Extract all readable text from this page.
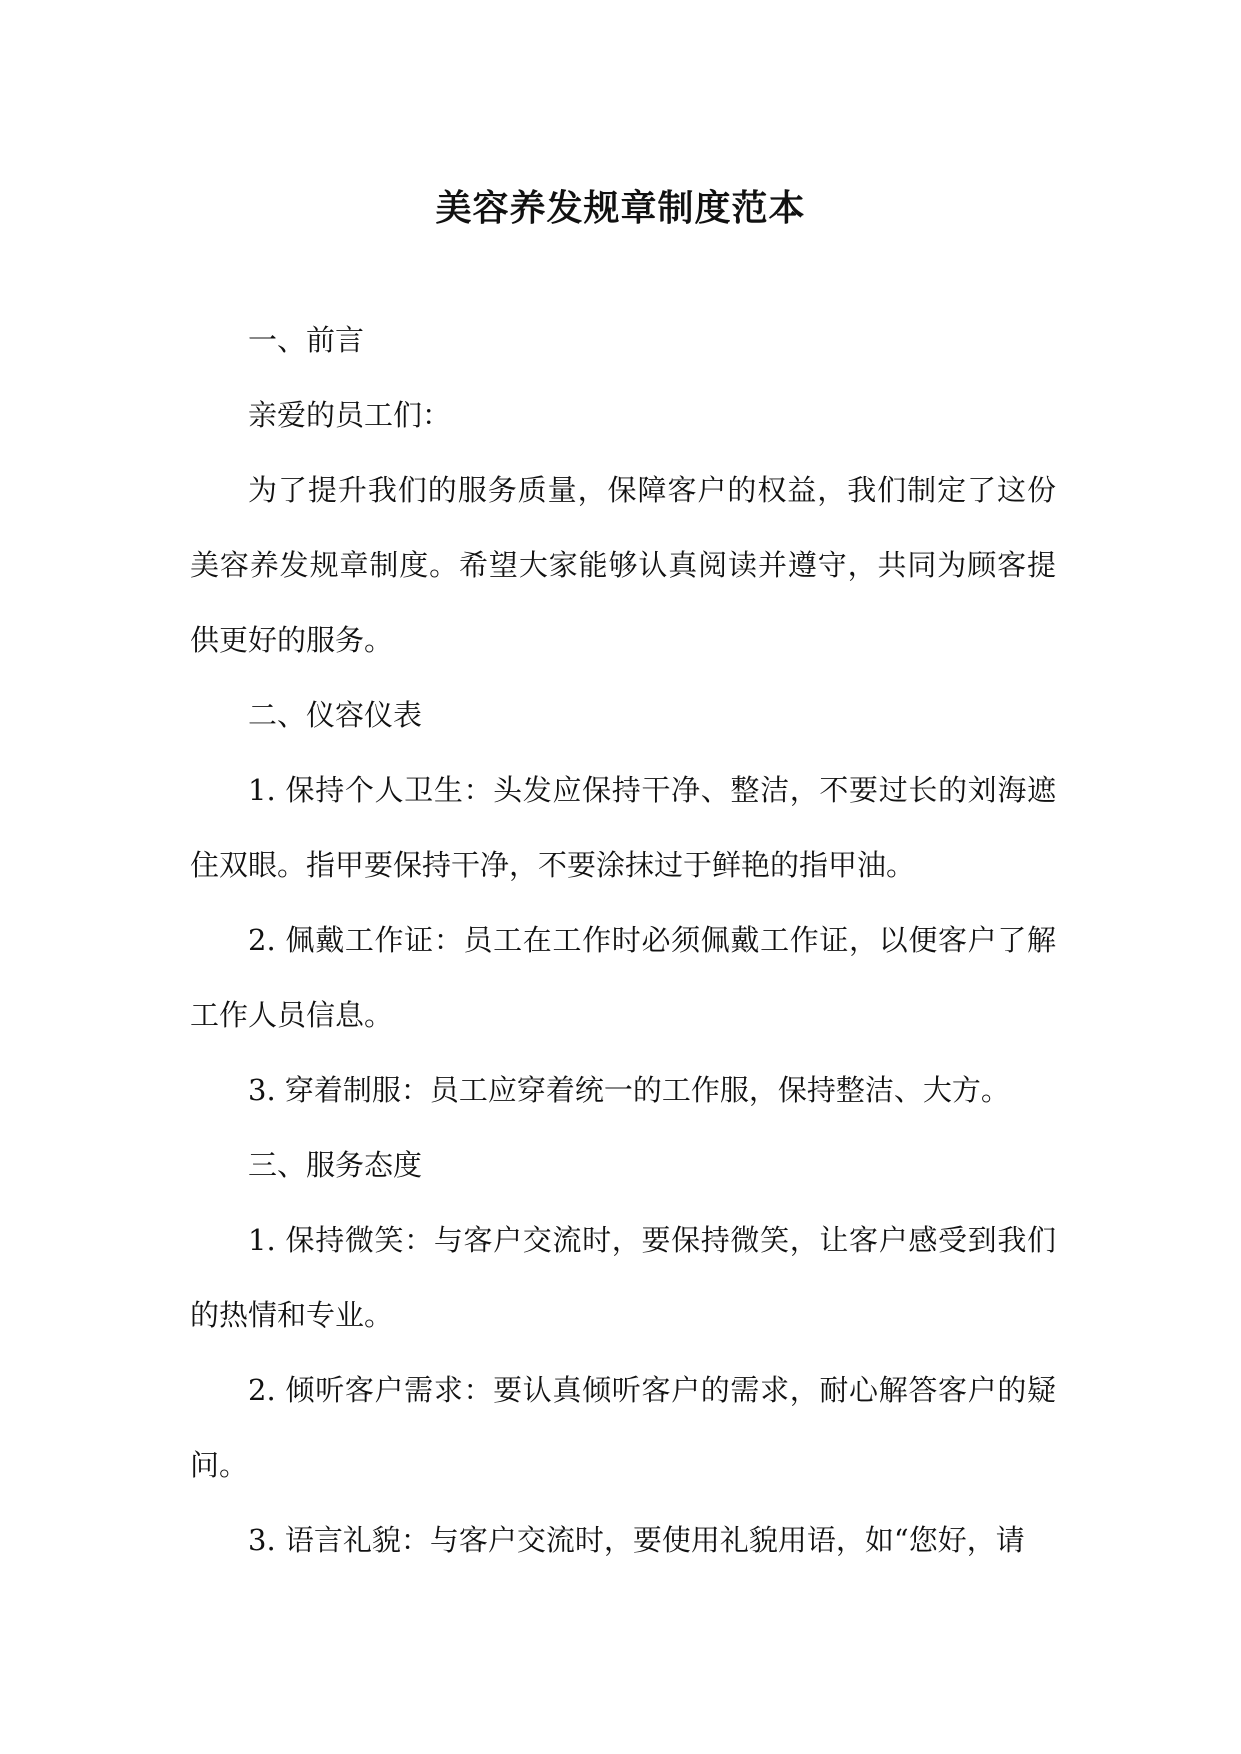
美容养发规章制度范本

一、前言

亲爱的员工们：

为了提升我们的服务质量，保障客户的权益，我们制定了这份美容养发规章制度。希望大家能够认真阅读并遵守，共同为顾客提供更好的服务。

二、仪容仪表

1. 保持个人卫生：头发应保持干净、整洁，不要过长的刘海遮住双眼。指甲要保持干净，不要涂抹过于鲜艳的指甲油。

2. 佩戴工作证：员工在工作时必须佩戴工作证，以便客户了解工作人员信息。

3. 穿着制服：员工应穿着统一的工作服，保持整洁、大方。

三、服务态度

1. 保持微笑：与客户交流时，要保持微笑，让客户感受到我们的热情和专业。

2. 倾听客户需求：要认真倾听客户的需求，耐心解答客户的疑问。

3. 语言礼貌：与客户交流时，要使用礼貌用语，如“您好，请
